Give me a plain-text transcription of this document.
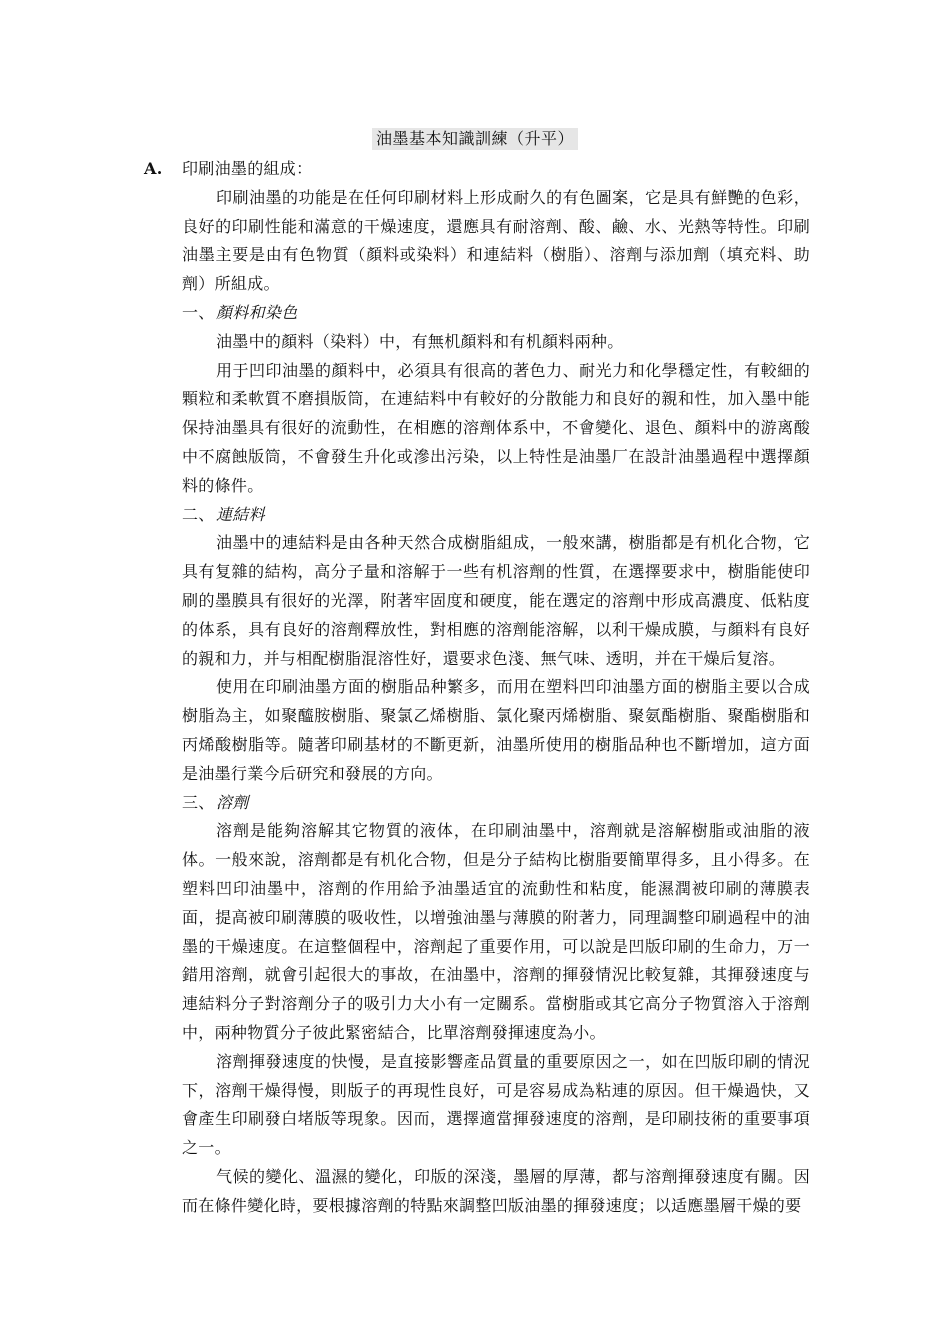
油墨基本知識訓練（升平）
A. 印刷油墨的組成：

印刷油墨的功能是在任何印刷材料上形成耐久的有色圖案，它是具有鮮艷的色彩，良好的印刷性能和滿意的干燥速度，還應具有耐溶劑、酸、鹼、水、光熱等特性。印刷油墨主要是由有色物質（顏料或染料）和連結料（樹脂）、溶劑与添加劑（填充料、助劑）所組成。

一、顏料和染色

油墨中的顏料（染料）中，有無机顏料和有机顏料兩种。

用于凹印油墨的顏料中，必須具有很高的著色力、耐光力和化學穩定性，有較細的顆粒和柔軟質不磨損版筒，在連結料中有較好的分散能力和良好的親和性，加入墨中能保持油墨具有很好的流動性，在相應的溶劑体系中，不會變化、退色、顏料中的游离酸中不腐蝕版筒，不會發生升化或滲出污染，以上特性是油墨厂在設計油墨過程中選擇顏料的條件。

二、連結料

油墨中的連結料是由各种天然合成樹脂組成，一般來講，樹脂都是有机化合物，它具有复雜的結构，高分子量和溶解于一些有机溶劑的性質，在選擇要求中，樹脂能使印刷的墨膜具有很好的光澤，附著牢固度和硬度，能在選定的溶劑中形成高濃度、低粘度的体系，具有良好的溶劑釋放性，對相應的溶劑能溶解，以利干燥成膜，与顏料有良好的親和力，并与相配樹脂混溶性好，還要求色淺、無气味、透明，并在干燥后复溶。

使用在印刷油墨方面的樹脂品种繁多，而用在塑料凹印油墨方面的樹脂主要以合成樹脂為主，如聚醯胺樹脂、聚氯乙烯樹脂、氯化聚丙烯樹脂、聚氨酯樹脂、聚酯樹脂和丙烯酸樹脂等。隨著印刷基材的不斷更新，油墨所使用的樹脂品种也不斷增加，這方面是油墨行業今后研究和發展的方向。

三、溶劑

溶劑是能夠溶解其它物質的液体，在印刷油墨中，溶劑就是溶解樹脂或油脂的液体。一般來說，溶劑都是有机化合物，但是分子結构比樹脂要簡單得多，且小得多。在塑料凹印油墨中，溶劑的作用給予油墨适宜的流動性和粘度，能濕潤被印刷的薄膜表面，提高被印刷薄膜的吸收性，以增強油墨与薄膜的附著力，同理調整印刷過程中的油墨的干燥速度。在這整個程中，溶劑起了重要作用，可以說是凹版印刷的生命力，万一錯用溶劑，就會引起很大的事故，在油墨中，溶劑的揮發情況比較复雜，其揮發速度与連結料分子對溶劑分子的吸引力大小有一定關系。當樹脂或其它高分子物質溶入于溶劑中，兩种物質分子彼此緊密結合，比單溶劑發揮速度為小。

溶劑揮發速度的快慢，是直接影響產品質量的重要原因之一，如在凹版印刷的情況下，溶劑干燥得慢，則版子的再現性良好，可是容易成為粘連的原因。但干燥過快，又會產生印刷發白堵版等現象。因而，選擇適當揮發速度的溶劑，是印刷技術的重要事項之一。

气候的變化、溫濕的變化，印版的深淺，墨層的厚薄，都与溶劑揮發速度有關。因而在條件變化時，要根據溶劑的特點來調整凹版油墨的揮發速度；以适應墨層干燥的要
